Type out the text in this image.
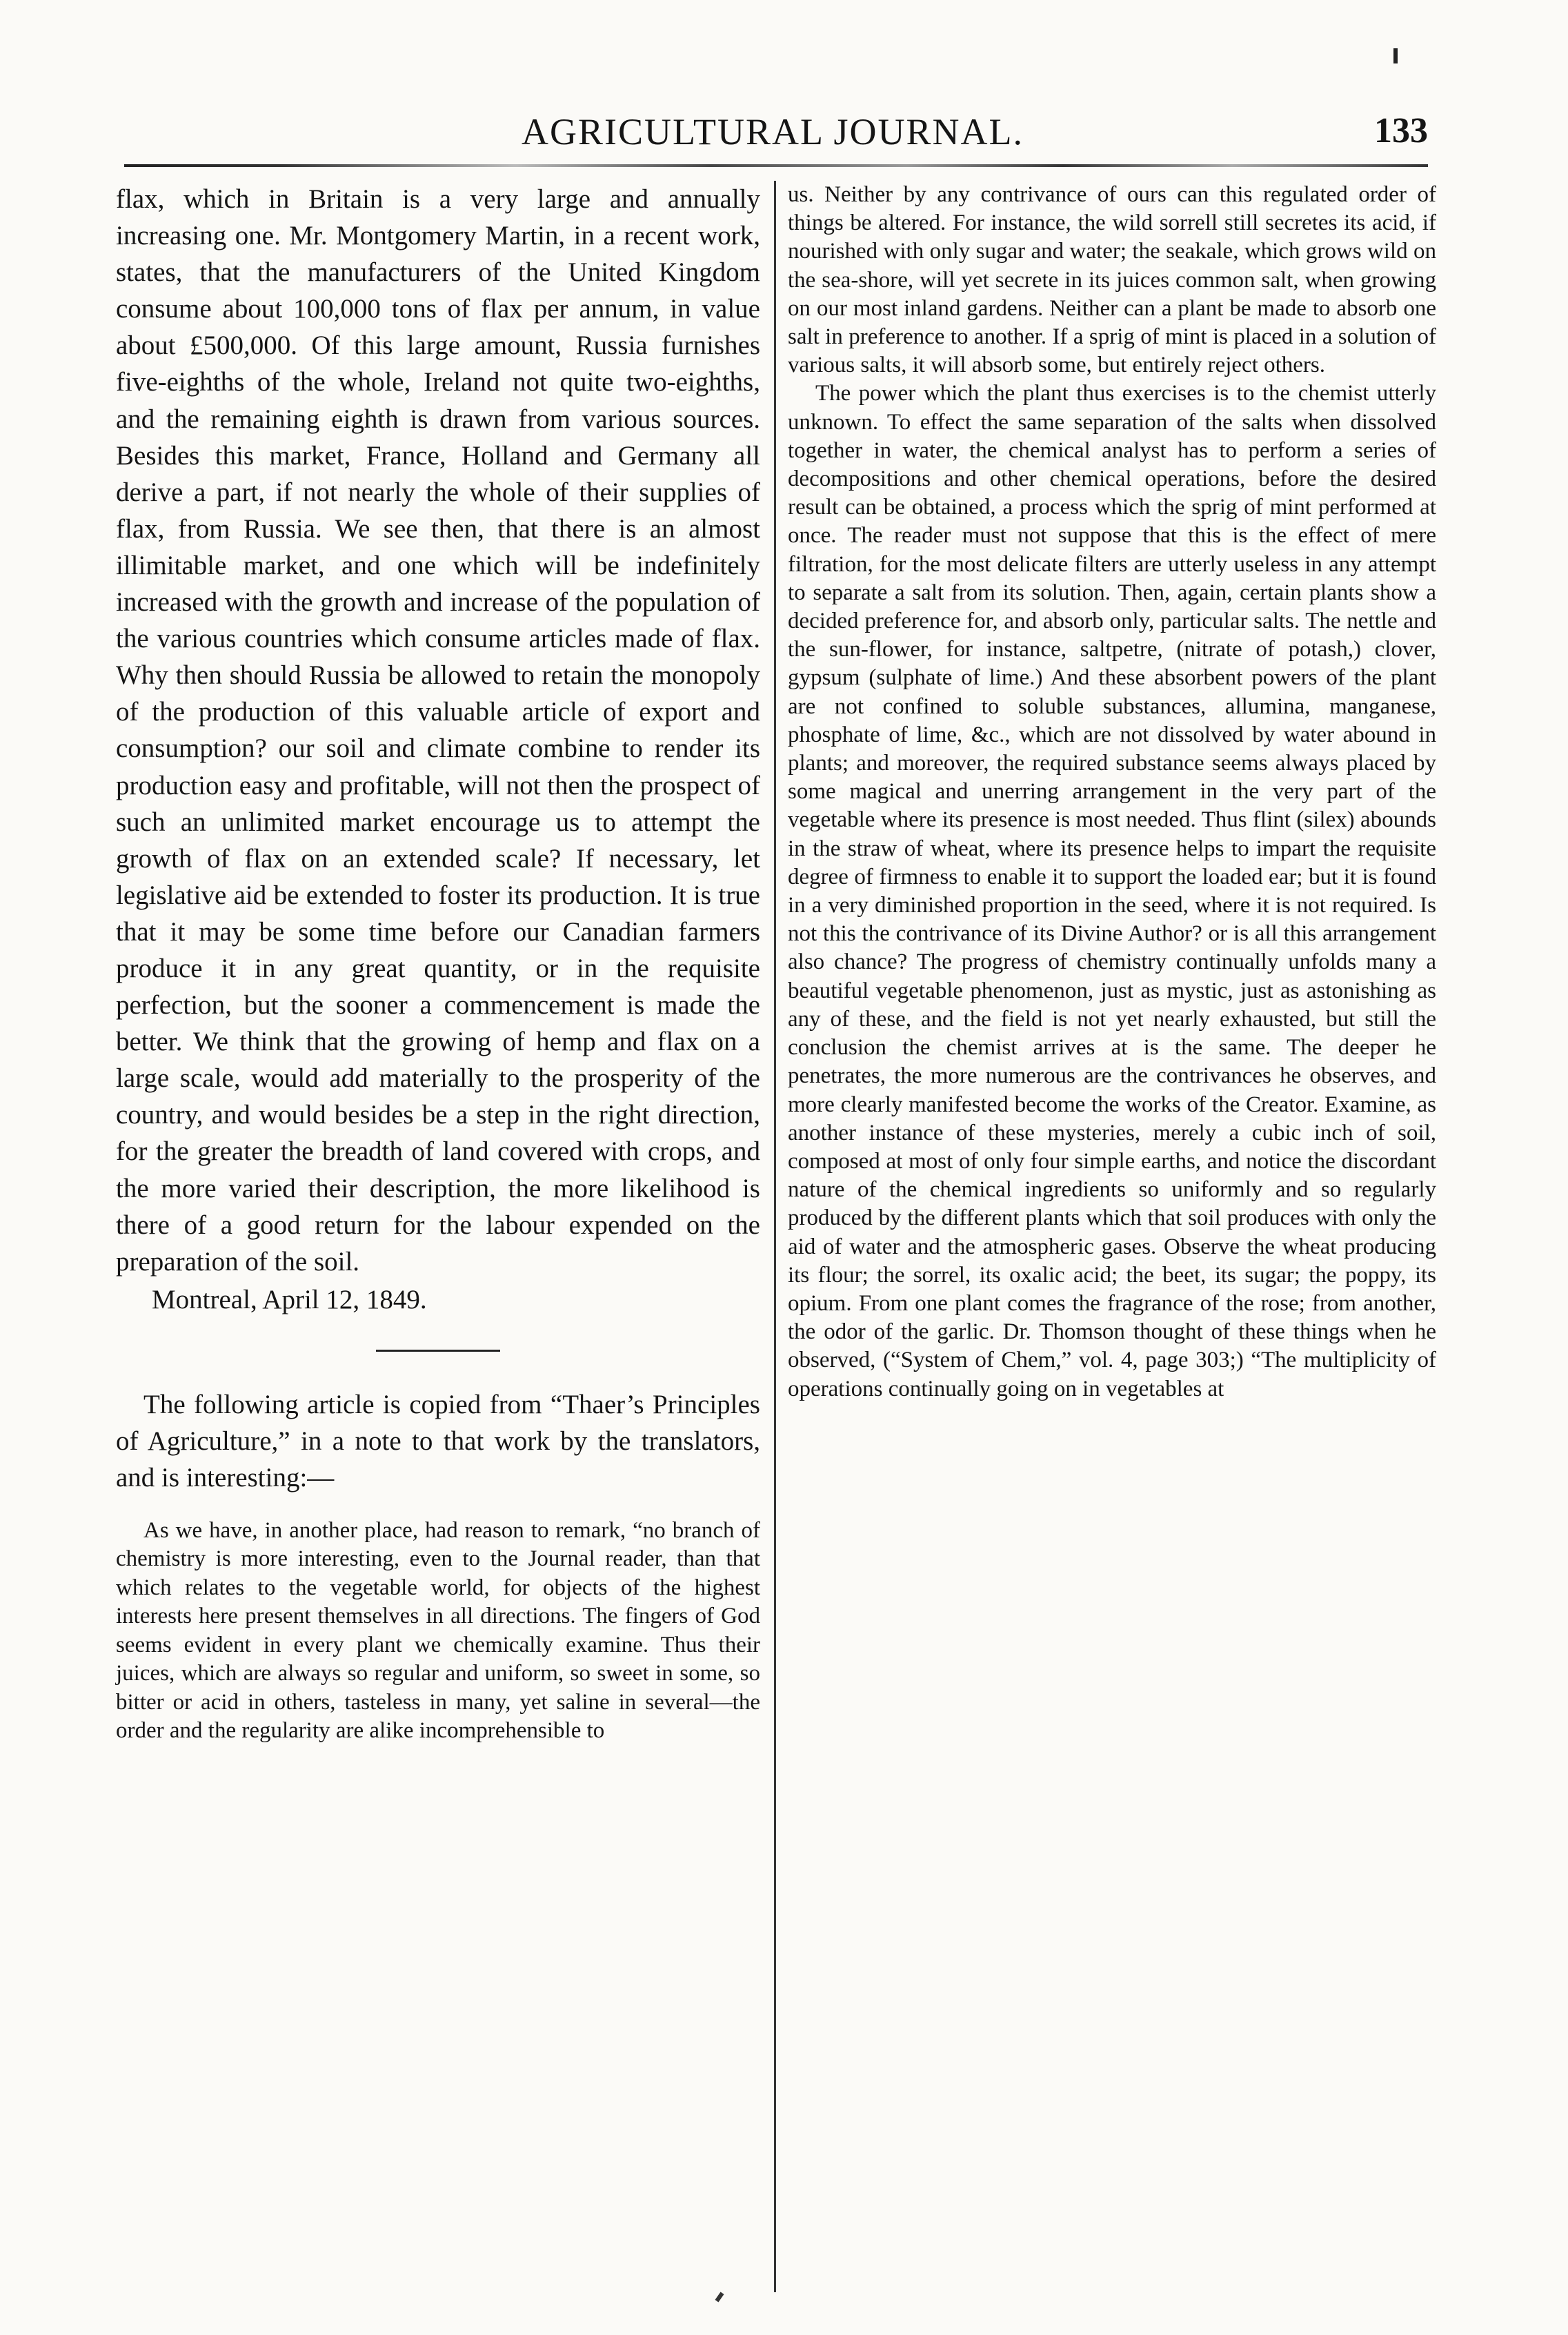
AGRICULTURAL JOURNAL.	133

flax, which in Britain is a very large and annually increasing one. Mr. Montgomery Martin, in a recent work, states, that the manufacturers of the United Kingdom consume about 100,000 tons of flax per annum, in value about £500,000. Of this large amount, Russia furnishes five-eighths of the whole, Ireland not quite two-eighths, and the remaining eighth is drawn from various sources. Besides this market, France, Holland and Germany all derive a part, if not nearly the whole of their supplies of flax, from Russia. We see then, that there is an almost illimitable market, and one which will be indefinitely increased with the growth and increase of the population of the various countries which consume articles made of flax. Why then should Russia be allowed to retain the monopoly of the production of this valuable article of export and consumption? our soil and climate combine to render its production easy and profitable, will not then the prospect of such an unlimited market encourage us to attempt the growth of flax on an extended scale? If necessary, let legislative aid be extended to foster its production. It is true that it may be some time before our Canadian farmers produce it in any great quantity, or in the requisite perfection, but the sooner a commencement is made the better. We think that the growing of hemp and flax on a large scale, would add materially to the prosperity of the country, and would besides be a step in the right direction, for the greater the breadth of land covered with crops, and the more varied their description, the more likelihood is there of a good return for the labour expended on the preparation of the soil.

Montreal, April 12, 1849.

The following article is copied from “Thaer’s Principles of Agriculture,” in a note to that work by the translators, and is interesting:—

As we have, in another place, had reason to remark, “no branch of chemistry is more interesting, even to the Journal reader, than that which relates to the vegetable world, for objects of the highest interests here present themselves in all directions. The fingers of God seems evident in every plant we chemically examine. Thus their juices, which are always so regular and uniform, so sweet in some, so bitter or acid in others, tasteless in many, yet saline in several—the order and the regularity are alike incomprehensible to

us. Neither by any contrivance of ours can this regulated order of things be altered. For instance, the wild sorrell still secretes its acid, if nourished with only sugar and water; the seakale, which grows wild on the sea-shore, will yet secrete in its juices common salt, when growing on our most inland gardens. Neither can a plant be made to absorb one salt in preference to another. If a sprig of mint is placed in a solution of various salts, it will absorb some, but entirely reject others.

The power which the plant thus exercises is to the chemist utterly unknown. To effect the same separation of the salts when dissolved together in water, the chemical analyst has to perform a series of decompositions and other chemical operations, before the desired result can be obtained, a process which the sprig of mint performed at once. The reader must not suppose that this is the effect of mere filtration, for the most delicate filters are utterly useless in any attempt to separate a salt from its solution. Then, again, certain plants show a decided preference for, and absorb only, particular salts. The nettle and the sun-flower, for instance, saltpetre, (nitrate of potash,) clover, gypsum (sulphate of lime.) And these absorbent powers of the plant are not confined to soluble substances, allumina, manganese, phosphate of lime, &c., which are not dissolved by water abound in plants; and moreover, the required substance seems always placed by some magical and unerring arrangement in the very part of the vegetable where its presence is most needed. Thus flint (silex) abounds in the straw of wheat, where its presence helps to impart the requisite degree of firmness to enable it to support the loaded ear; but it is found in a very diminished proportion in the seed, where it is not required. Is not this the contrivance of its Divine Author? or is all this arrangement also chance? The progress of chemistry continually unfolds many a beautiful vegetable phenomenon, just as mystic, just as astonishing as any of these, and the field is not yet nearly exhausted, but still the conclusion the chemist arrives at is the same. The deeper he penetrates, the more numerous are the contrivances he observes, and more clearly manifested become the works of the Creator. Examine, as another instance of these mysteries, merely a cubic inch of soil, composed at most of only four simple earths, and notice the discordant nature of the chemical ingredients so uniformly and so regularly produced by the different plants which that soil produces with only the aid of water and the atmospheric gases. Observe the wheat producing its flour; the sorrel, its oxalic acid; the beet, its sugar; the poppy, its opium. From one plant comes the fragrance of the rose; from another, the odor of the garlic. Dr. Thomson thought of these things when he observed, (“System of Chem,” vol. 4, page 303;) “The multiplicity of operations continually going on in vegetables at
